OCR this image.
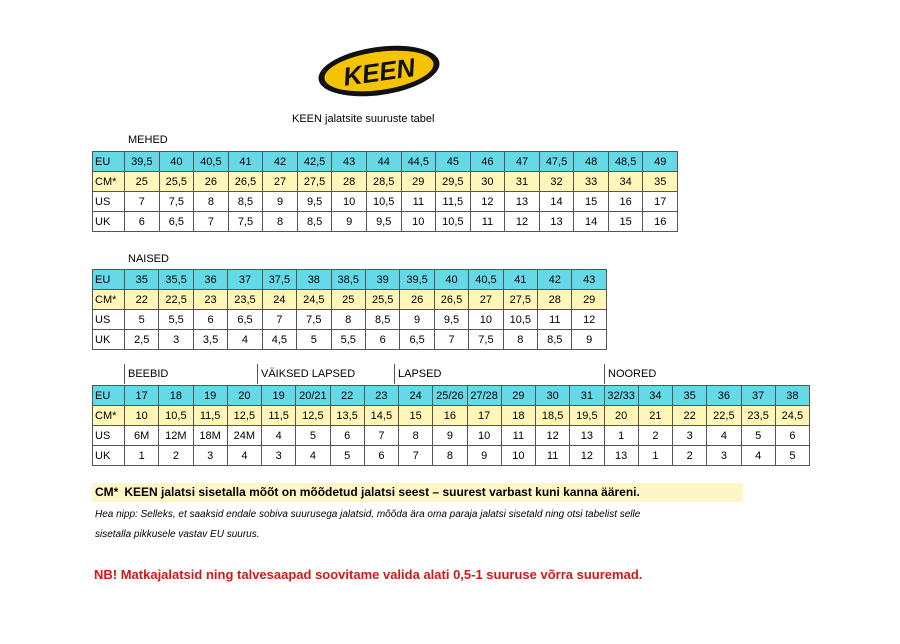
KEEN
KEEN jalatsite suuruste tabel
MEHED
EU	39,5	40	40,5	41	42	42,5	43	44	44,5	45	46	47	47,5	48	48,5	49
CM*	25	25,5	26	26,5	27	27,5	28	28,5	29	29,5	30	31	32	33	34	35
US	7	7,5	8	8,5	9	9,5	10	10,5	11	11,5	12	13	14	15	16	17
UK	6	6,5	7	7,5	8	8,5	9	9,5	10	10,5	11	12	13	14	15	16
NAISED
EU	35	35,5	36	37	37,5	38	38,5	39	39,5	40	40,5	41	42	43
CM*	22	22,5	23	23,5	24	24,5	25	25,5	26	26,5	27	27,5	28	29
US	5	5,5	6	6,5	7	7,5	8	8,5	9	9,5	10	10,5	11	12
UK	2,5	3	3,5	4	4,5	5	5,5	6	6,5	7	7,5	8	8,5	9
BEEBID	VÄIKSED LAPSED	LAPSED	NOORED
EU	17	18	19	20	19	20/21	22	23	24	25/26	27/28	29	30	31	32/33	34	35	36	37	38
CM*	10	10,5	11,5	12,5	11,5	12,5	13,5	14,5	15	16	17	18	18,5	19,5	20	21	22	22,5	23,5	24,5
US	6M	12M	18M	24M	4	5	6	7	8	9	10	11	12	13	1	2	3	4	5	6
UK	1	2	3	4	3	4	5	6	7	8	9	10	11	12	13	1	2	3	4	5
CM* KEEN jalatsi sisetalla mõõt on mõõdetud jalatsi seest – suurest varbast kuni kanna ääreni.
Hea nipp: Selleks, et saaksid endale sobiva suurusega jalatsid, mõõda ära oma paraja jalatsi sisetald ning otsi tabelist selle
sisetalla pikkusele vastav EU suurus.
NB! Matkajalatsid ning talvesaapad soovitame valida alati 0,5-1 suuruse võrra suuremad.
